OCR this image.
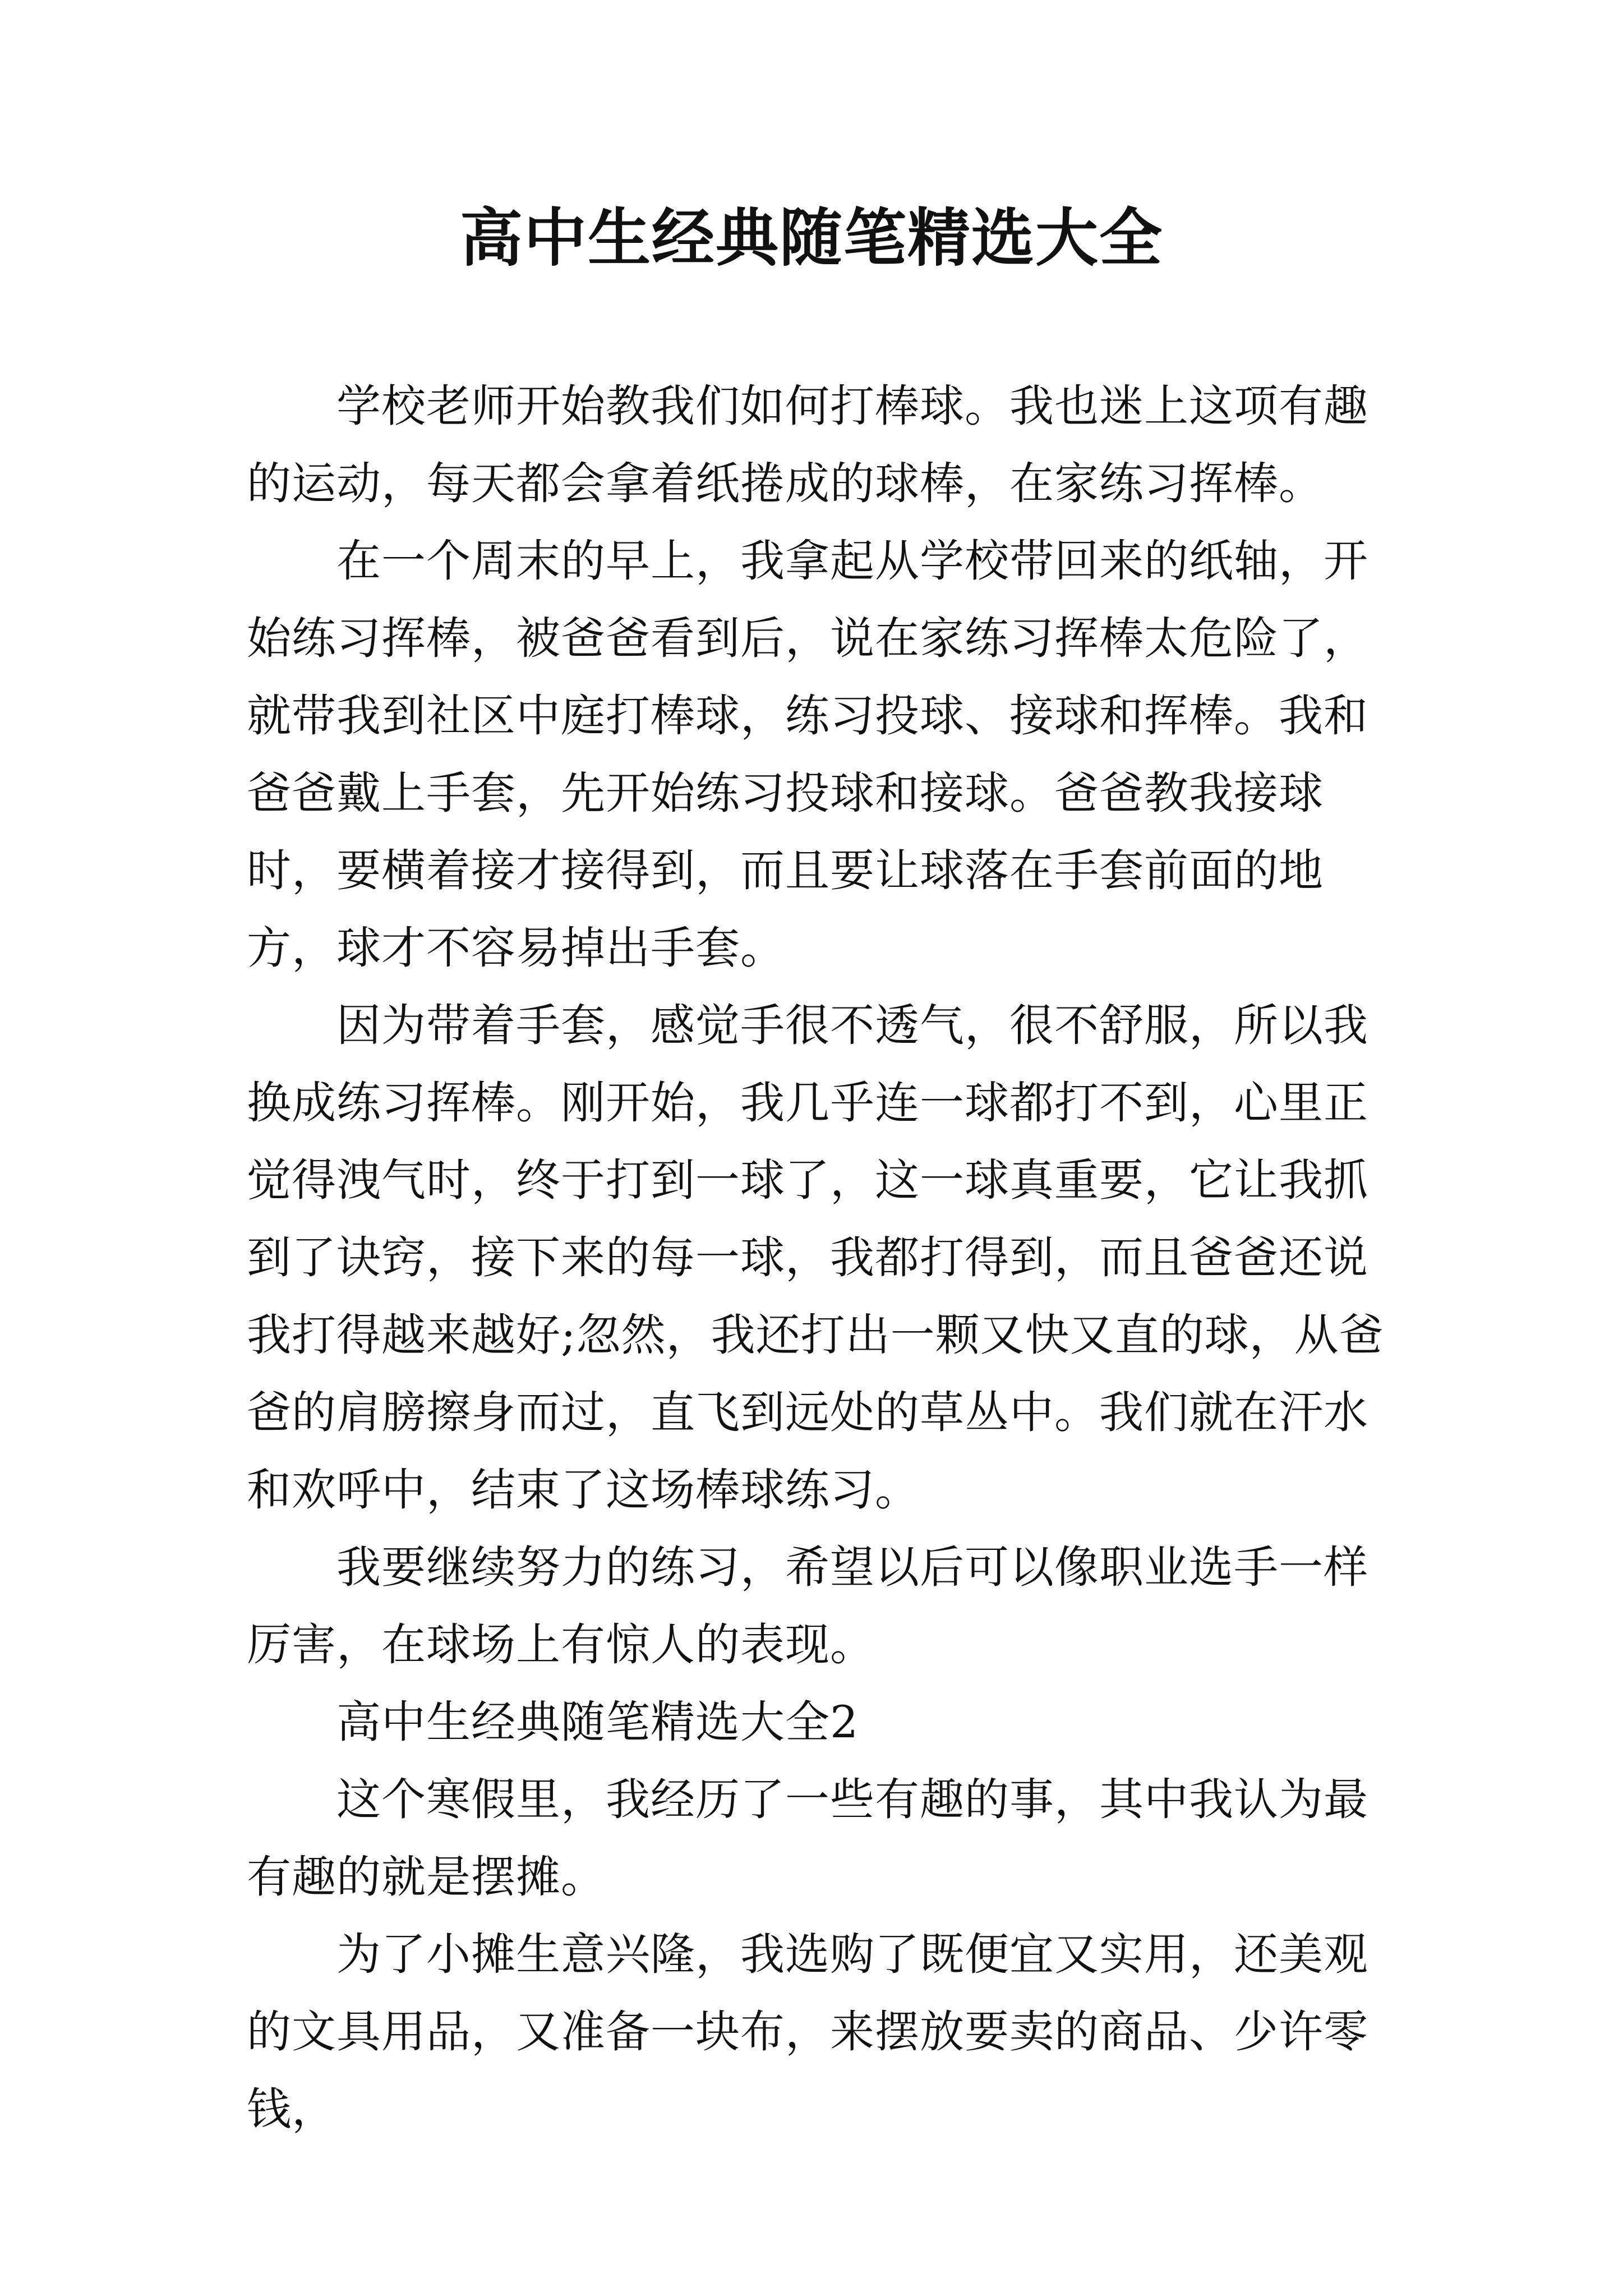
高中生经典随笔精选大全

学校老师开始教我们如何打棒球。我也迷上这项有趣的运动，每天都会拿着纸捲成的球棒，在家练习挥棒。

在一个周末的早上，我拿起从学校带回来的纸轴，开始练习挥棒，被爸爸看到后，说在家练习挥棒太危险了，就带我到社区中庭打棒球，练习投球、接球和挥棒。我和爸爸戴上手套，先开始练习投球和接球。爸爸教我接球时，要横着接才接得到，而且要让球落在手套前面的地方，球才不容易掉出手套。

因为带着手套，感觉手很不透气，很不舒服，所以我换成练习挥棒。刚开始，我几乎连一球都打不到，心里正觉得洩气时，终于打到一球了，这一球真重要，它让我抓到了诀窍，接下来的每一球，我都打得到，而且爸爸还说我打得越来越好;忽然，我还打出一颗又快又直的球，从爸爸的肩膀擦身而过，直飞到远处的草丛中。我们就在汗水和欢呼中，结束了这场棒球练习。

我要继续努力的练习，希望以后可以像职业选手一样厉害，在球场上有惊人的表现。

高中生经典随笔精选大全2

这个寒假里，我经历了一些有趣的事，其中我认为最有趣的就是摆摊。

为了小摊生意兴隆，我选购了既便宜又实用，还美观的文具用品，又准备一块布，来摆放要卖的商品、少许零钱，
